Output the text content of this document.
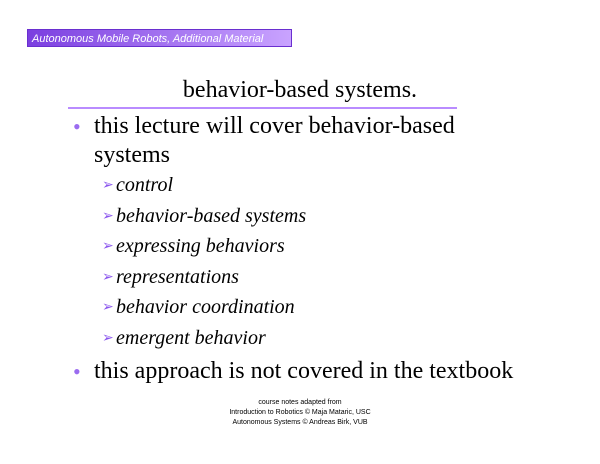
Autonomous Mobile Robots, Additional Material
behavior-based systems.
• this lecture will cover behavior-based
systems
➢ control
➢ behavior-based systems
➢ expressing behaviors
➢ representations
➢ behavior coordination
➢ emergent behavior
• this approach is not covered in the textbook
course notes adapted from
Introduction to Robotics © Maja Mataric, USC
Autonomous Systems © Andreas Birk, VUB
